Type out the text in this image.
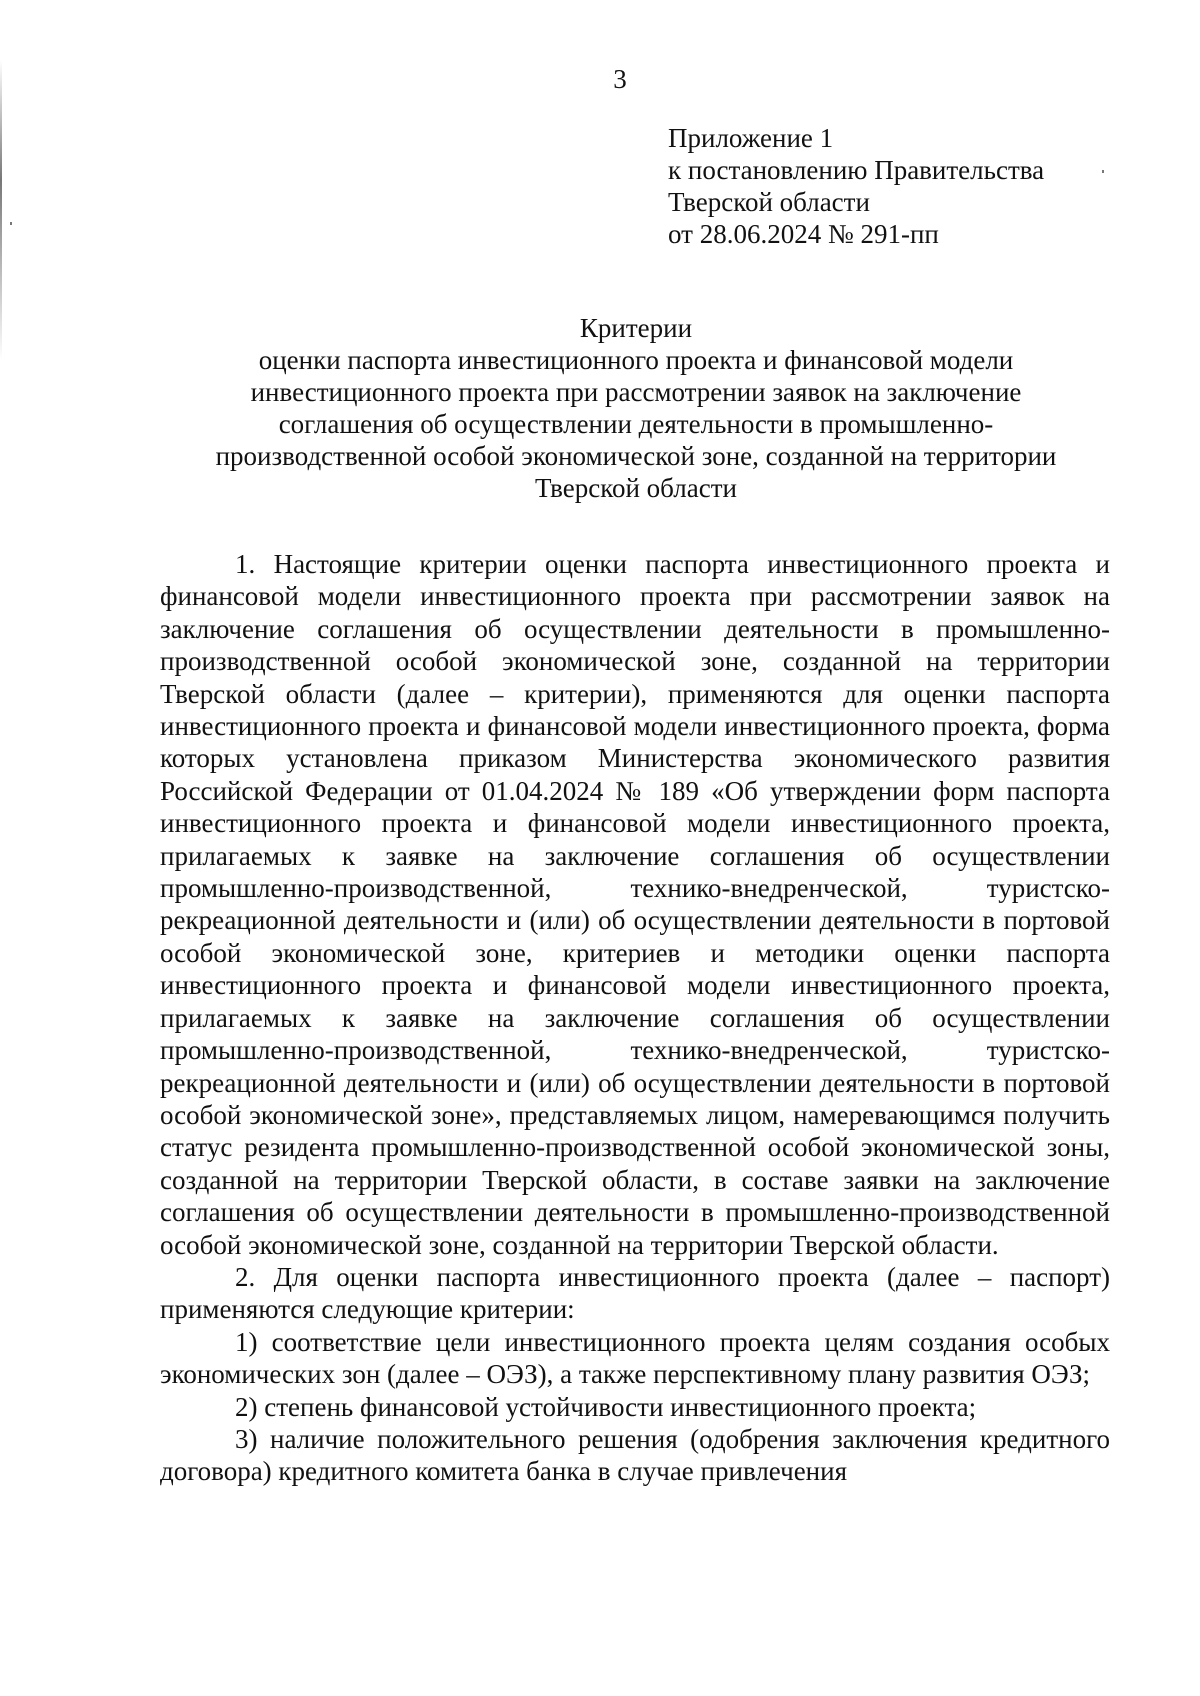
3
Приложение 1
к постановлению Правительства
Тверской области
от 28.06.2024 № 291-пп
Критерии
оценки паспорта инвестиционного проекта и финансовой модели
инвестиционного проекта при рассмотрении заявок на заключение
соглашения об осуществлении деятельности в промышленно-
производственной особой экономической зоне, созданной на территории
Тверской области

1. Настоящие критерии оценки паспорта инвестиционного проекта и финансовой модели инвестиционного проекта при рассмотрении заявок на заключение соглашения об осуществлении деятельности в промышленно-производственной особой экономической зоне, созданной на территории Тверской области (далее – критерии), применяются для оценки паспорта инвестиционного проекта и финансовой модели инвестиционного проекта, форма которых установлена приказом Министерства экономического развития Российской Федерации от 01.04.2024 № 189 «Об утверждении форм паспорта инвестиционного проекта и финансовой модели инвестиционного проекта, прилагаемых к заявке на заключение соглашения об осуществлении промышленно-производственной, технико-внедренческой, туристско-рекреационной деятельности и (или) об осуществлении деятельности в портовой особой экономической зоне, критериев и методики оценки паспорта инвестиционного проекта и финансовой модели инвестиционного проекта, прилагаемых к заявке на заключение соглашения об осуществлении промышленно-производственной, технико-внедренческой, туристско-рекреационной деятельности и (или) об осуществлении деятельности в портовой особой экономической зоне», представляемых лицом, намеревающимся получить статус резидента промышленно-производственной особой экономической зоны, созданной на территории Тверской области, в составе заявки на заключение соглашения об осуществлении деятельности в промышленно-производственной особой экономической зоне, созданной на территории Тверской области.

2. Для оценки паспорта инвестиционного проекта (далее – паспорт) применяются следующие критерии:

1) соответствие цели инвестиционного проекта целям создания особых экономических зон (далее – ОЭЗ), а также перспективному плану развития ОЭЗ;

2) степень финансовой устойчивости инвестиционного проекта;

3) наличие положительного решения (одобрения заключения кредитного договора) кредитного комитета банка в случае привлечения
